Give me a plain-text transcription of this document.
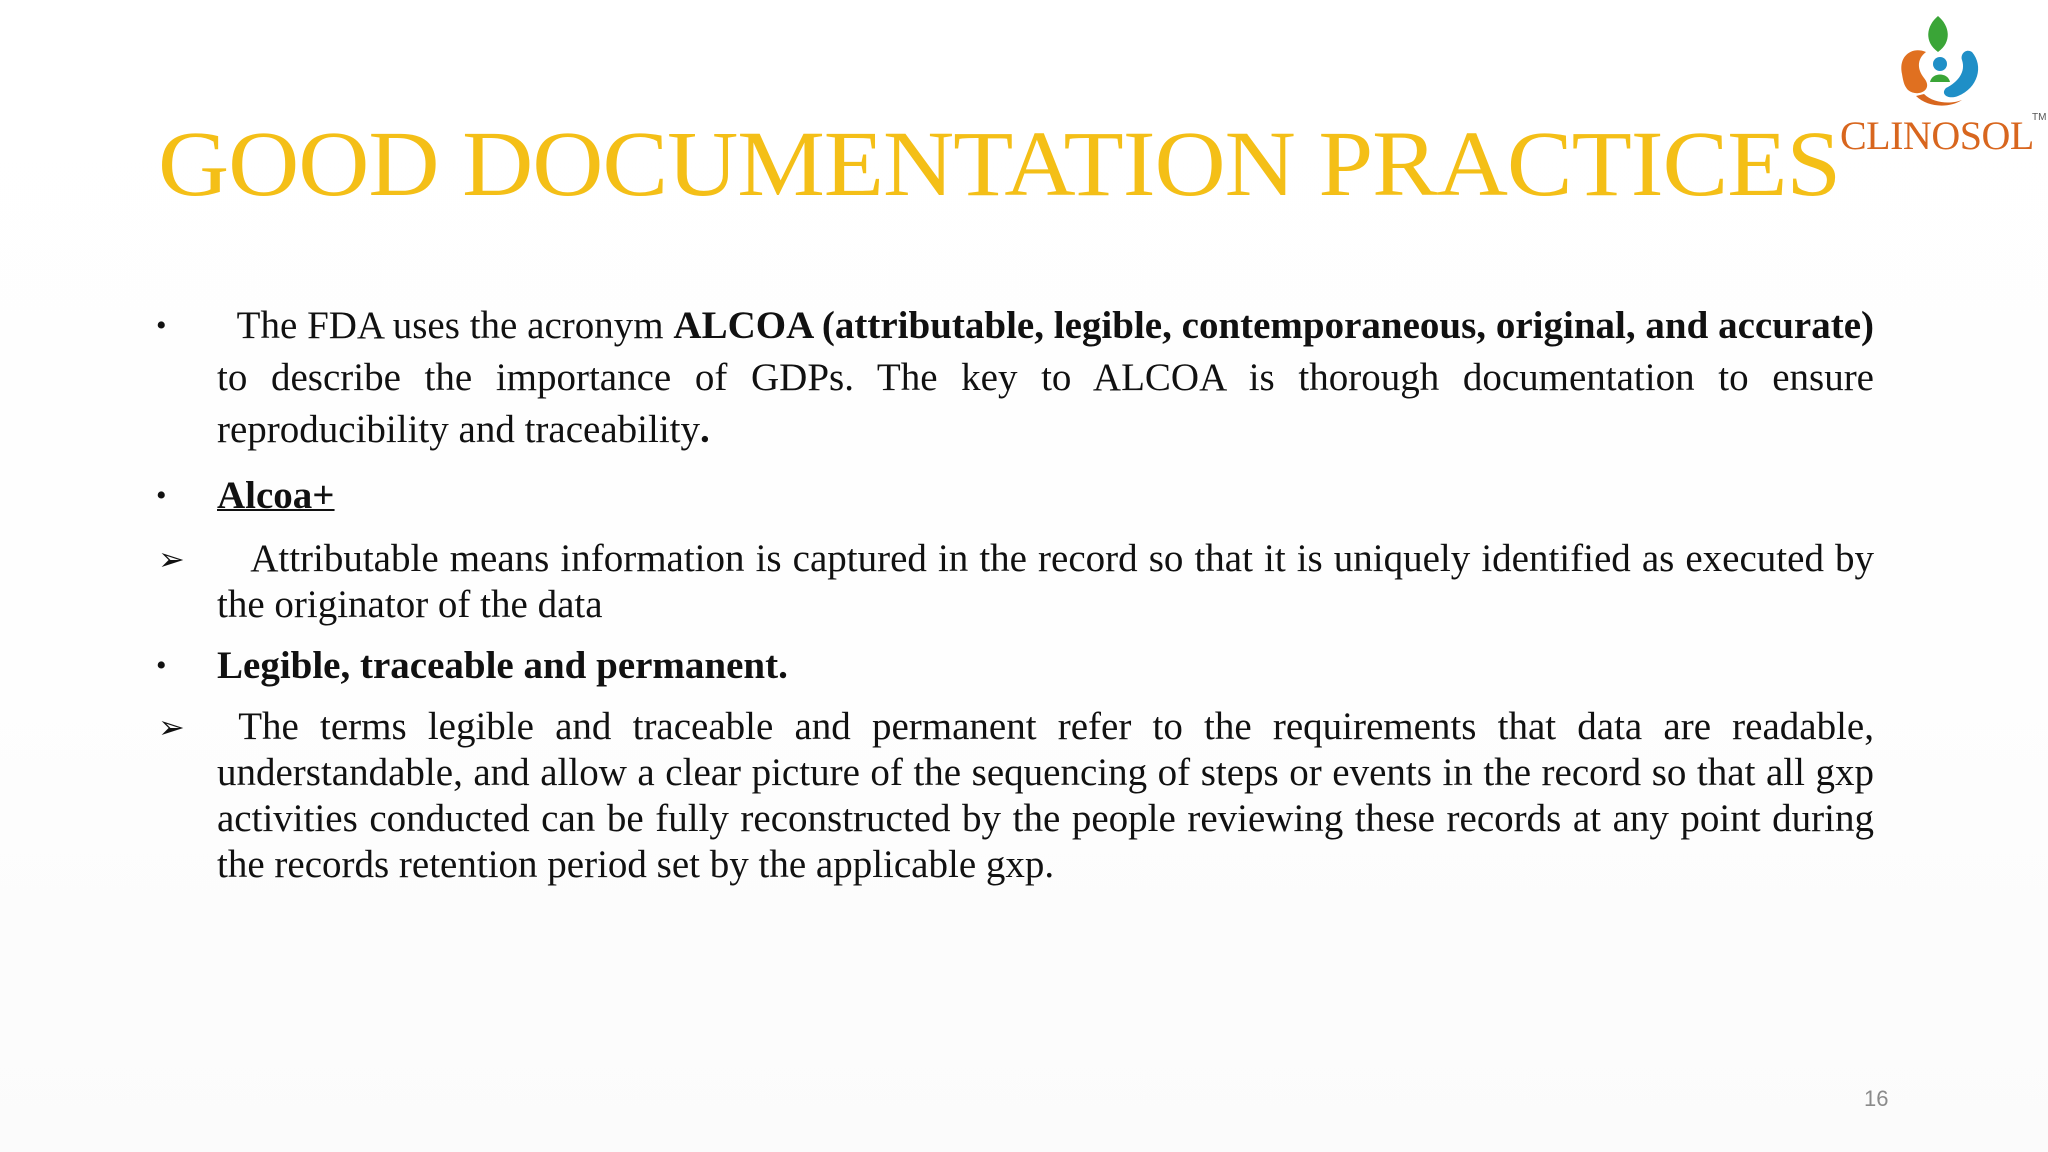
GOOD DOCUMENTATION PRACTICES CLINOSOL
TM
• The FDA uses the acronym ALCOA (attributable, legible, contemporaneous, original, and accurate) to describe the importance of GDPs. The key to ALCOA is thorough documentation to ensure reproducibility and traceability.
• Alcoa+
➢ Attributable means information is captured in the record so that it is uniquely identified as executed by the originator of the data
• Legible, traceable and permanent.
➢ The terms legible and traceable and permanent refer to the requirements that data are readable, understandable, and allow a clear picture of the sequencing of steps or events in the record so that all gxp activities conducted can be fully reconstructed by the people reviewing these records at any point during the records retention period set by the applicable gxp.
16
